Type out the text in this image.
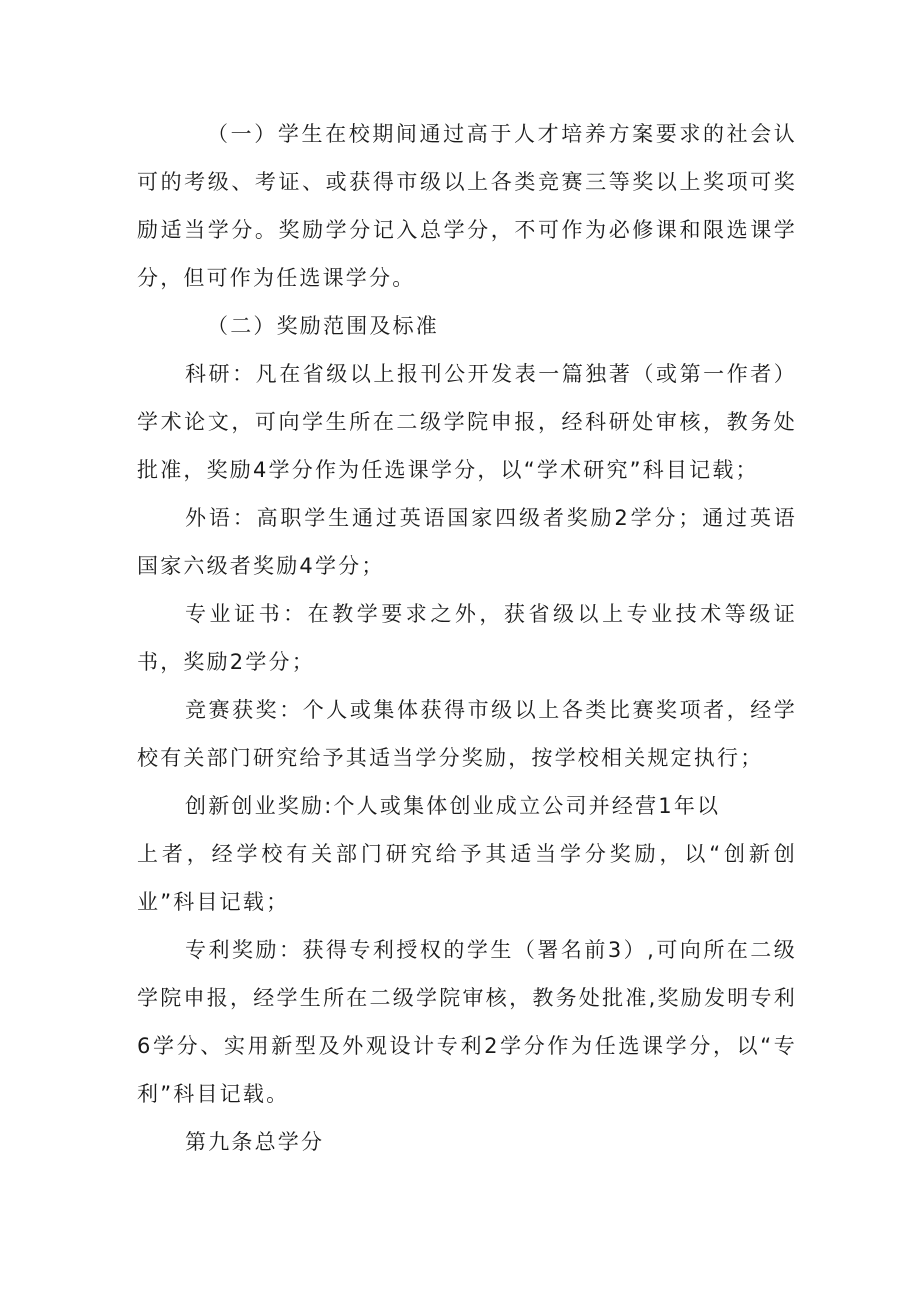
（一）学生在校期间通过高于人才培养方案要求的社会认可的考级、考证、或获得市级以上各类竞赛三等奖以上奖项可奖励适当学分。奖励学分记入总学分，不可作为必修课和限选课学分，但可作为任选课学分。

（二）奖励范围及标准

科研：凡在省级以上报刊公开发表一篇独著（或第一作者）学术论文，可向学生所在二级学院申报，经科研处审核，教务处批准，奖励4学分作为任选课学分，以“学术研究”科目记载；

外语：高职学生通过英语国家四级者奖励2学分；通过英语国家六级者奖励4学分；

专业证书：在教学要求之外，获省级以上专业技术等级证书，奖励2学分；

竞赛获奖：个人或集体获得市级以上各类比赛奖项者，经学校有关部门研究给予其适当学分奖励，按学校相关规定执行；

创新创业奖励:个人或集体创业成立公司并经营1年以

上者，经学校有关部门研究给予其适当学分奖励，以“创新创业”科目记载；

专利奖励：获得专利授权的学生（署名前3）,可向所在二级学院申报，经学生所在二级学院审核，教务处批准,奖励发明专利6学分、实用新型及外观设计专利2学分作为任选课学分，以“专利”科目记载。

第九条总学分
